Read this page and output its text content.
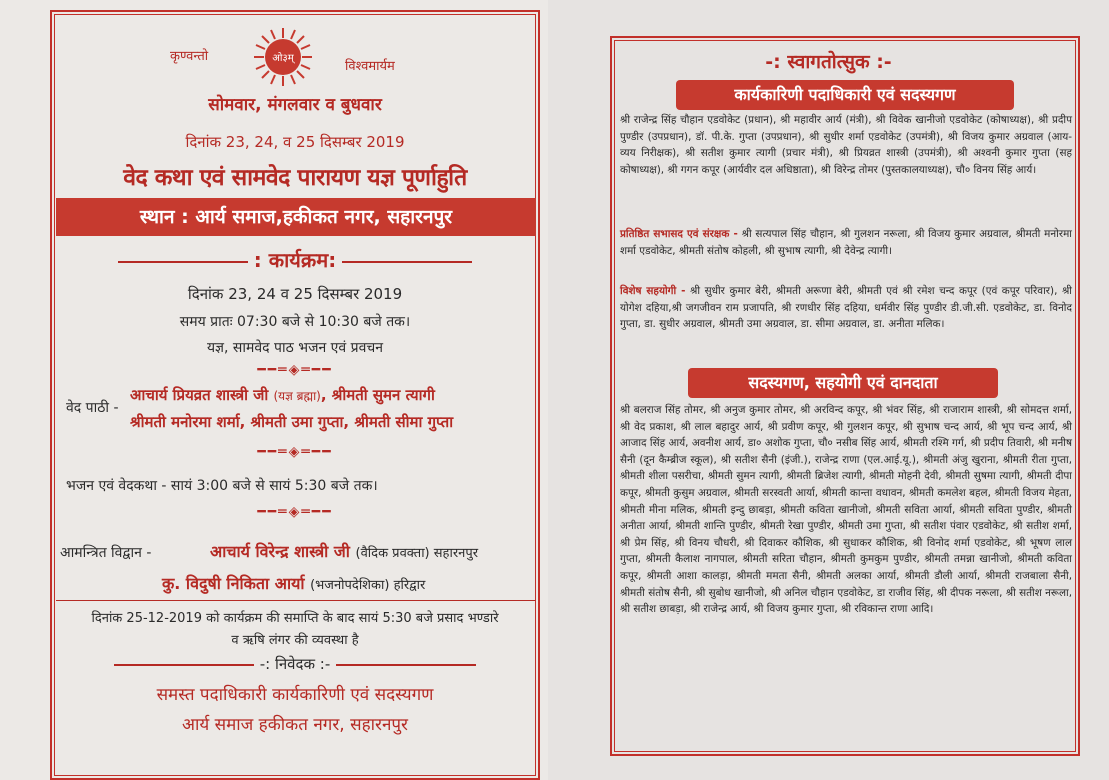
कृण्वन्तो	ओ३म्
विश्वमार्यम
सोमवार, मंगलवार व बुधवार
दिनांक 23, 24, व 25 दिसम्बर 2019
वेद कथा एवं सामवेद पारायण यज्ञ पूर्णाहुति
स्थान : आर्य समाज,हकीकत नगर, सहारनपुर
: कार्यक्रम:
दिनांक 23, 24 व 25 दिसम्बर 2019
समय प्रातः 07:30 बजे से 10:30 बजे तक।
यज्ञ, सामवेद पाठ भजन एवं प्रवचन
━━═◈═━━
वेद पाठी -
आचार्य प्रियव्रत शास्त्री जी (यज्ञ ब्रह्मा), श्रीमती सुमन त्यागी
श्रीमती मनोरमा शर्मा, श्रीमती उमा गुप्ता, श्रीमती सीमा गुप्ता
━━═◈═━━
भजन एवं वेदकथा - सायं 3:00 बजे से सायं 5:30 बजे तक।
━━═◈═━━
आमन्त्रित विद्वान -	आचार्य विरेन्द्र शास्त्री जी (वैदिक प्रवक्ता) सहारनपुर
कु. विदुषी निकिता आर्या (भजनोपदेशिका) हरिद्वार
दिनांक 25-12-2019 को कार्यक्रम की समाप्ति के बाद सायं 5:30 बजे प्रसाद भण्डारे
व ऋषि लंगर की व्यवस्था है
-: निवेदक :-
समस्त पदाधिकारी कार्यकारिणी एवं सदस्यगण
आर्य समाज हकीकत नगर, सहारनपुर
-: स्वागतोत्सुक :-
कार्यकारिणी पदाधिकारी एवं सदस्यगण
श्री राजेन्द्र सिंह चौहान एडवोकेट (प्रधान), श्री महावीर आर्य (मंत्री), श्री विवेक खानीजो एडवोकेट (कोषाध्यक्ष), श्री प्रदीप पुण्डीर (उपप्रधान), डॉ. पी.के. गुप्ता (उपप्रधान), श्री सुधीर शर्मा एडवोकेट (उपमंत्री), श्री विजय कुमार अग्रवाल (आय-व्यय निरीक्षक), श्री सतीश कुमार त्यागी (प्रचार मंत्री), श्री प्रियव्रत शास्त्री (उपमंत्री), श्री अश्वनी कुमार गुप्ता (सह कोषाध्यक्ष), श्री गगन कपूर (आर्यवीर दल अधिष्ठाता), श्री विरेन्द्र तोमर (पुस्तकालयाध्यक्ष), चौ० विनय सिंह आर्य।
प्रतिष्ठित सभासद एवं संरक्षक - श्री सत्यपाल सिंह चौहान, श्री गुलशन नरूला, श्री विजय कुमार अग्रवाल, श्रीमती मनोरमा शर्मा एडवोकेट, श्रीमती संतोष कोहली, श्री सुभाष त्यागी, श्री देवेन्द्र त्यागी।
विशेष सहयोगी - श्री सुधीर कुमार बेरी, श्रीमती अरूणा बेरी, श्रीमती एवं श्री रमेश चन्द कपूर (एवं कपूर परिवार), श्री योगेश दहिया,श्री जगजीवन राम प्रजापति, श्री रणधीर सिंह दहिया, धर्मवीर सिंह पुण्डीर डी.जी.सी. एडवोकेट, डा. विनोद गुप्ता, डा. सुधीर अग्रवाल, श्रीमती उमा अग्रवाल, डा. सीमा अग्रवाल, डा. अनीता मलिक।
सदस्यगण, सहयोगी एवं दानदाता
श्री बलराज सिंह तोमर, श्री अनुज कुमार तोमर, श्री अरविन्द कपूर, श्री भंवर सिंह, श्री राजाराम शास्त्री, श्री सोमदत्त शर्मा, श्री वेद प्रकाश, श्री लाल बहादुर आर्य, श्री प्रवीण कपूर, श्री गुलशन कपूर, श्री सुभाष चन्द आर्य, श्री भूप चन्द आर्य, श्री आजाद सिंह आर्य, अवनीश आर्य, डा० अशोक गुप्ता, चौ० नसीब सिंह आर्य, श्रीमती रश्मि गर्ग, श्री प्रदीप तिवारी, श्री मनीष सैनी (दून कैम्ब्रीज स्कूल), श्री सतीश सैनी (इंजी.), राजेन्द्र राणा (एल.आई.यू.), श्रीमती अंजु खुराना, श्रीमती रीता गुप्ता, श्रीमती शीला पसरीचा, श्रीमती सुमन त्यागी, श्रीमती ब्रिजेश त्यागी, श्रीमती मोहनी देवी, श्रीमती सुषमा त्यागी, श्रीमती दीपा कपूर, श्रीमती कुसुम अग्रवाल, श्रीमती सरस्वती आर्या, श्रीमती कान्ता वधावन, श्रीमती कमलेश बहल, श्रीमती विजय मेहता, श्रीमती मीना मलिक, श्रीमती इन्दु छाबड़ा, श्रीमती कविता खानीजो, श्रीमती सविता आर्या, श्रीमती सविता पुण्डीर, श्रीमती अनीता आर्या, श्रीमती शान्ति पुण्डीर, श्रीमती रेखा पुण्डीर, श्रीमती उमा गुप्ता, श्री सतीश पंवार एडवोकेट, श्री सतीश शर्मा, श्री प्रेम सिंह, श्री विनय चौधरी, श्री दिवाकर कौशिक, श्री सुधाकर कौशिक, श्री विनोद शर्मा एडवोकेट, श्री भूषण लाल गुप्ता, श्रीमती कैलाश नागपाल, श्रीमती सरिता चौहान, श्रीमती कुमकुम पुण्डीर, श्रीमती तमन्ना खानीजो, श्रीमती कविता कपूर, श्रीमती आशा कालड़ा, श्रीमती ममता सैनी, श्रीमती अलका आर्या, श्रीमती डौली आर्या, श्रीमती राजबाला सैनी, श्रीमती संतोष सैनी, श्री सुबोध खानीजो, श्री अनिल चौहान एडवोकेट, डा राजीव सिंह, श्री दीपक नरूला, श्री सतीश नरूला, श्री सतीश छाबड़ा, श्री राजेन्द्र आर्य, श्री विजय कुमार गुप्ता, श्री रविकान्त राणा आदि।
